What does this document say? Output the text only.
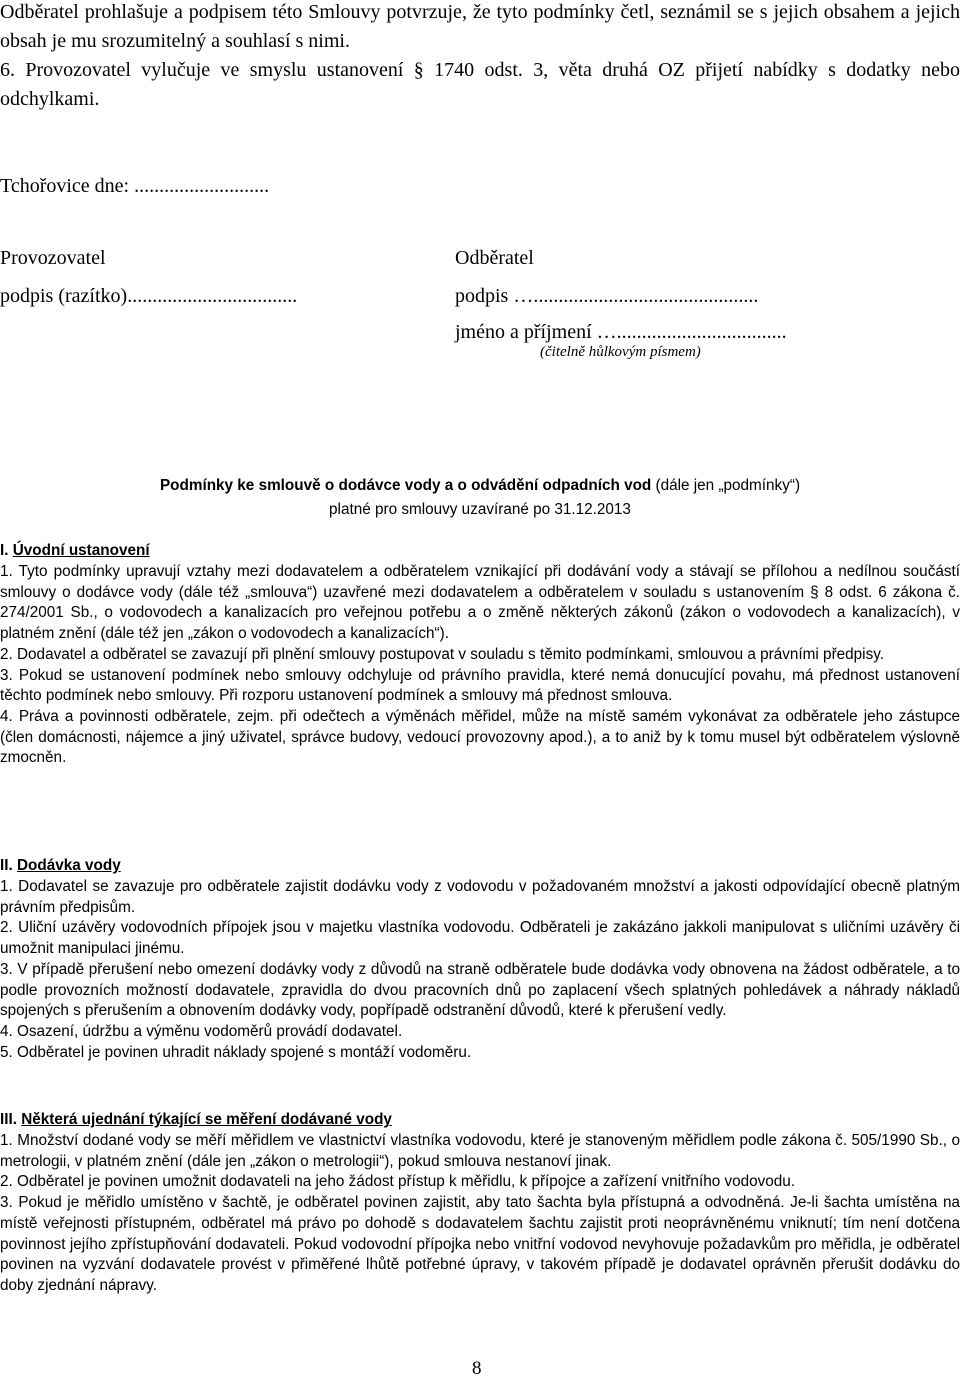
Odběratel prohlašuje a podpisem této Smlouvy potvrzuje, že tyto podmínky četl, seznámil se s jejich obsahem a jejich obsah je mu srozumitelný a souhlasí s nimi.

6. Provozovatel vylučuje ve smyslu ustanovení § 1740 odst. 3, věta druhá OZ přijetí nabídky s dodatky nebo odchylkami.

Tchořovice dne: ...........................
Provozovatel
podpis (razítko)..................................
Odběratel
podpis ….............................................
jméno a příjmení …..................................
(čitelně hůlkovým písmem)
Podmínky ke smlouvě o dodávce vody a o odvádění odpadních vod (dále jen „podmínky“)
platné pro smlouvy uzavírané po 31.12.2013
I. Úvodní ustanovení

1. Tyto podmínky upravují vztahy mezi dodavatelem a odběratelem vznikající při dodávání vody a stávají se přílohou a nedílnou součástí smlouvy o dodávce vody (dále též „smlouva“) uzavřené mezi dodavatelem a odběratelem v souladu s ustanovením § 8 odst. 6 zákona č. 274/2001 Sb., o vodovodech a kanalizacích pro veřejnou potřebu a o změně některých zákonů (zákon o vodovodech a kanalizacích), v platném znění (dále též jen „zákon o vodovodech a kanalizacích“).

2. Dodavatel a odběratel se zavazují při plnění smlouvy postupovat v souladu s těmito podmínkami, smlouvou a právními předpisy.

3. Pokud se ustanovení podmínek nebo smlouvy odchyluje od právního pravidla, které nemá donucující povahu, má přednost ustanovení těchto podmínek nebo smlouvy. Při rozporu ustanovení podmínek a smlouvy má přednost smlouva.

4. Práva a povinnosti odběratele, zejm. při odečtech a výměnách měřidel, může na místě samém vykonávat za odběratele jeho zástupce (člen domácnosti, nájemce a jiný uživatel, správce budovy, vedoucí provozovny apod.), a to aniž by k tomu musel být odběratelem výslovně zmocněn.

II. Dodávka vody

1. Dodavatel se zavazuje pro odběratele zajistit dodávku vody z vodovodu v požadovaném množství a jakosti odpovídající obecně platným právním předpisům.

2. Uliční uzávěry vodovodních přípojek jsou v majetku vlastníka vodovodu. Odběrateli je zakázáno jakkoli manipulovat s uličními uzávěry či umožnit manipulaci jinému.

3. V případě přerušení nebo omezení dodávky vody z důvodů na straně odběratele bude dodávka vody obnovena na žádost odběratele, a to podle provozních možností dodavatele, zpravidla do dvou pracovních dnů po zaplacení všech splatných pohledávek a náhrady nákladů spojených s přerušením a obnovením dodávky vody, popřípadě odstranění důvodů, které k přerušení vedly.

4. Osazení, údržbu a výměnu vodoměrů provádí dodavatel.

5. Odběratel je povinen uhradit náklady spojené s montáží vodoměru.

III. Některá ujednání týkající se měření dodávané vody

1. Množství dodané vody se měří měřidlem ve vlastnictví vlastníka vodovodu, které je stanoveným měřidlem podle zákona č. 505/1990 Sb., o metrologii, v platném znění (dále jen „zákon o metrologii“), pokud smlouva nestanoví jinak.

2. Odběratel je povinen umožnit dodavateli na jeho žádost přístup k měřidlu, k přípojce a zařízení vnitřního vodovodu.

3. Pokud je měřidlo umístěno v šachtě, je odběratel povinen zajistit, aby tato šachta byla přístupná a odvodněná. Je-li šachta umístěna na místě veřejnosti přístupném, odběratel má právo po dohodě s dodavatelem šachtu zajistit proti neoprávněnému vniknutí; tím není dotčena povinnost jejího zpřístupňování dodavateli. Pokud vodovodní přípojka nebo vnitřní vodovod nevyhovuje požadavkům pro měřidla, je odběratel povinen na vyzvání dodavatele provést v přiměřené lhůtě potřebné úpravy, v takovém případě je dodavatel oprávněn přerušit dodávku do doby zjednání nápravy.

8
